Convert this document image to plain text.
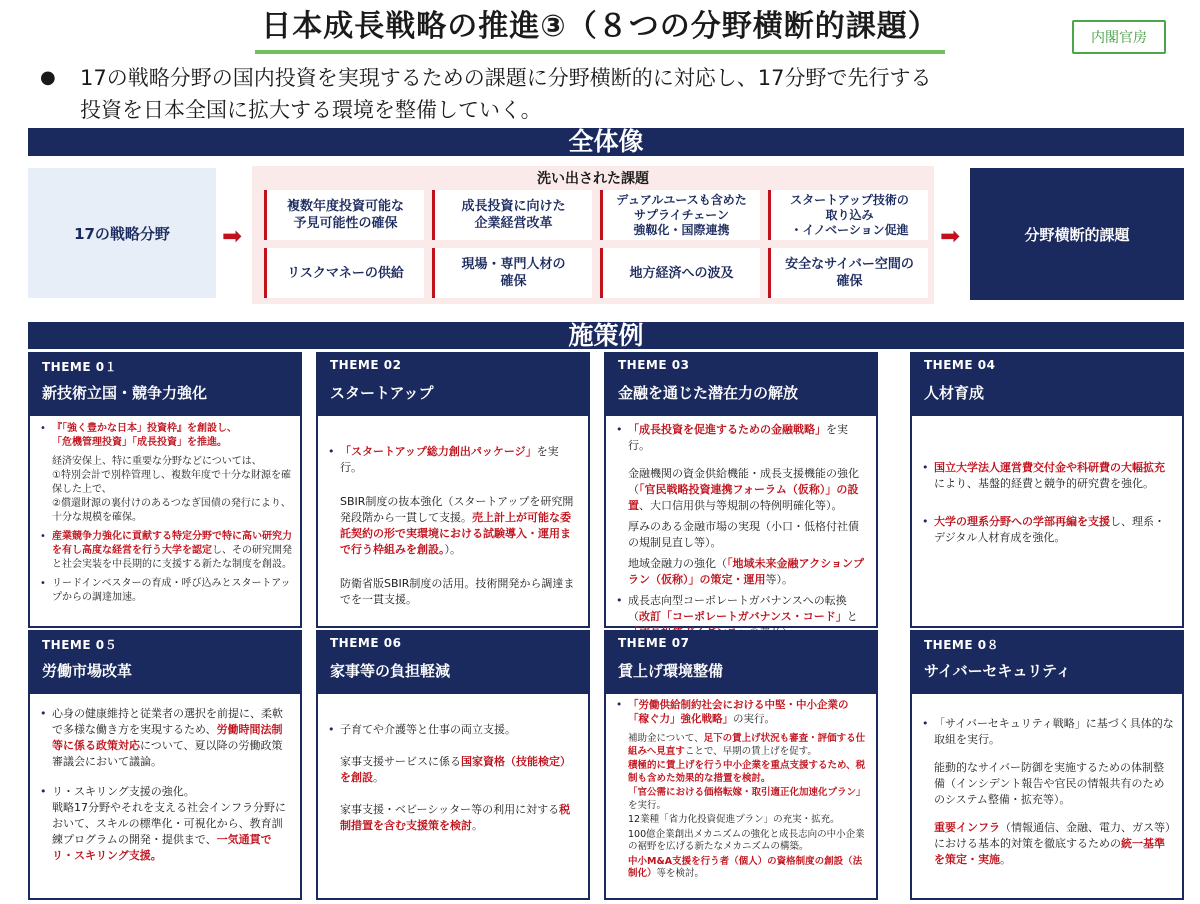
日本成長戦略の推進③（８つの分野横断的課題）	内閣官房
● 17の戦略分野の国内投資を実現するための課題に分野横断的に対応し、17分野で先行する
投資を日本全国に拡大する環境を整備していく。
全体像
17の戦略分野	➡
洗い出された課題
複数年度投資可能な
予見可能性の確保
成長投資に向けた
企業経営改革
デュアルユースも含めた
サプライチェーン
強靱化・国際連携
スタートアップ技術の
取り込み
・イノベーション促進
リスクマネーの供給
現場・専門人材の
確保
地方経済への波及
安全なサイバー空間の
確保
➡	分野横断的課題
施策例
THEME 0１
新技術立国・競争力強化

• 『「強く豊かな日本」投資枠』を創設し、
「危機管理投資」「成長投資」を推進。

経済安保上、特に重要な分野などについては、
①特別会計で別枠管理し、複数年度で十分な財源を確保した上で、
②償還財源の裏付けのあるつなぎ国債の発行により、十分な規模を確保。

• 産業競争力強化に貢献する特定分野で特に高い研究力を有し高度な経営を行う大学を認定し、その研究開発と社会実装を中長期的に支援する新たな制度を創設。

• リードインベスターの育成・呼び込みとスタートアップからの調達加速。

THEME 02
スタートアップ

• 「スタートアップ総力創出パッケージ」を実行。

SBIR制度の抜本強化（スタートアップを研究開発段階から一貫して支援。売上計上が可能な委託契約の形で実環境における試験導入・運用まで行う枠組みを創設。）。

防衛省版SBIR制度の活用。技術開発から調達までを一貫支援。

THEME 03
金融を通じた潜在力の解放

• 「成長投資を促進するための金融戦略」を実行。

金融機関の資金供給機能・成長支援機能の強化（「官民戦略投資連携フォーラム（仮称）」の設置、大口信用供与等規制の特例明確化等）。

厚みのある金融市場の実現（小口・低格付社債の規制見直し等）。

地域金融力の強化（「地域未来金融アクションプラン（仮称）」の策定・運用等）。

• 成長志向型コーポレートガバナンスへの転換（改訂「コーポレートガバナンス・コード」と

THEME 04
人材育成

• 国立大学法人運営費交付金や科研費の大幅拡充により、基盤的経費と競争的研究費を強化。

• 大学の理系分野への学部再編を支援し、理系・デジタル人材育成を強化。

THEME 0５
労働市場改革

• 心身の健康維持と従業者の選択を前提に、柔軟で多様な働き方を実現するため、労働時間法制等に係る政策対応について、夏以降の労働政策審議会において議論。

• リ・スキリング支援の強化。

戦略17分野やそれを支える社会インフラ分野において、スキルの標準化・可視化から、教育訓練プログラムの開発・提供まで、一気通貫でリ・スキリング支援。

THEME 06
家事等の負担軽減

• 子育てや介護等と仕事の両立支援。

家事支援サービスに係る国家資格（技能検定）を創設。

家事支援・ベビーシッター等の利用に対する税制措置を含む支援策を検討。

THEME 07
賃上げ環境整備

• 「労働供給制約社会における中堅・中小企業の「稼ぐ力」強化戦略」の実行。

補助金について、足下の賃上げ状況も審査・評価する仕組みへ見直すことで、早期の賃上げを促す。

積極的に賃上げを行う中小企業を重点支援するため、税制も含めた効果的な措置を検討。

「官公需における価格転嫁・取引適正化加速化プラン」を実行。

12業種「省力化投資促進プラン」の充実・拡充。

100億企業創出メカニズムの強化と成長志向の中小企業の裾野を広げる新たなメカニズムの構築。

中小M&A支援を行う者（個人）の資格制度の創設（法制化）等を検討。

THEME 0８
サイバーセキュリティ

• 「サイバーセキュリティ戦略」に基づく具体的な取組を実行。

能動的なサイバー防御を実施するための体制整備（インシデント報告や官民の情報共有のためのシステム整備・拡充等）。

重要インフラ（情報通信、金融、電力、ガス等）における基本的対策を徹底するための統一基準を策定・実施。
